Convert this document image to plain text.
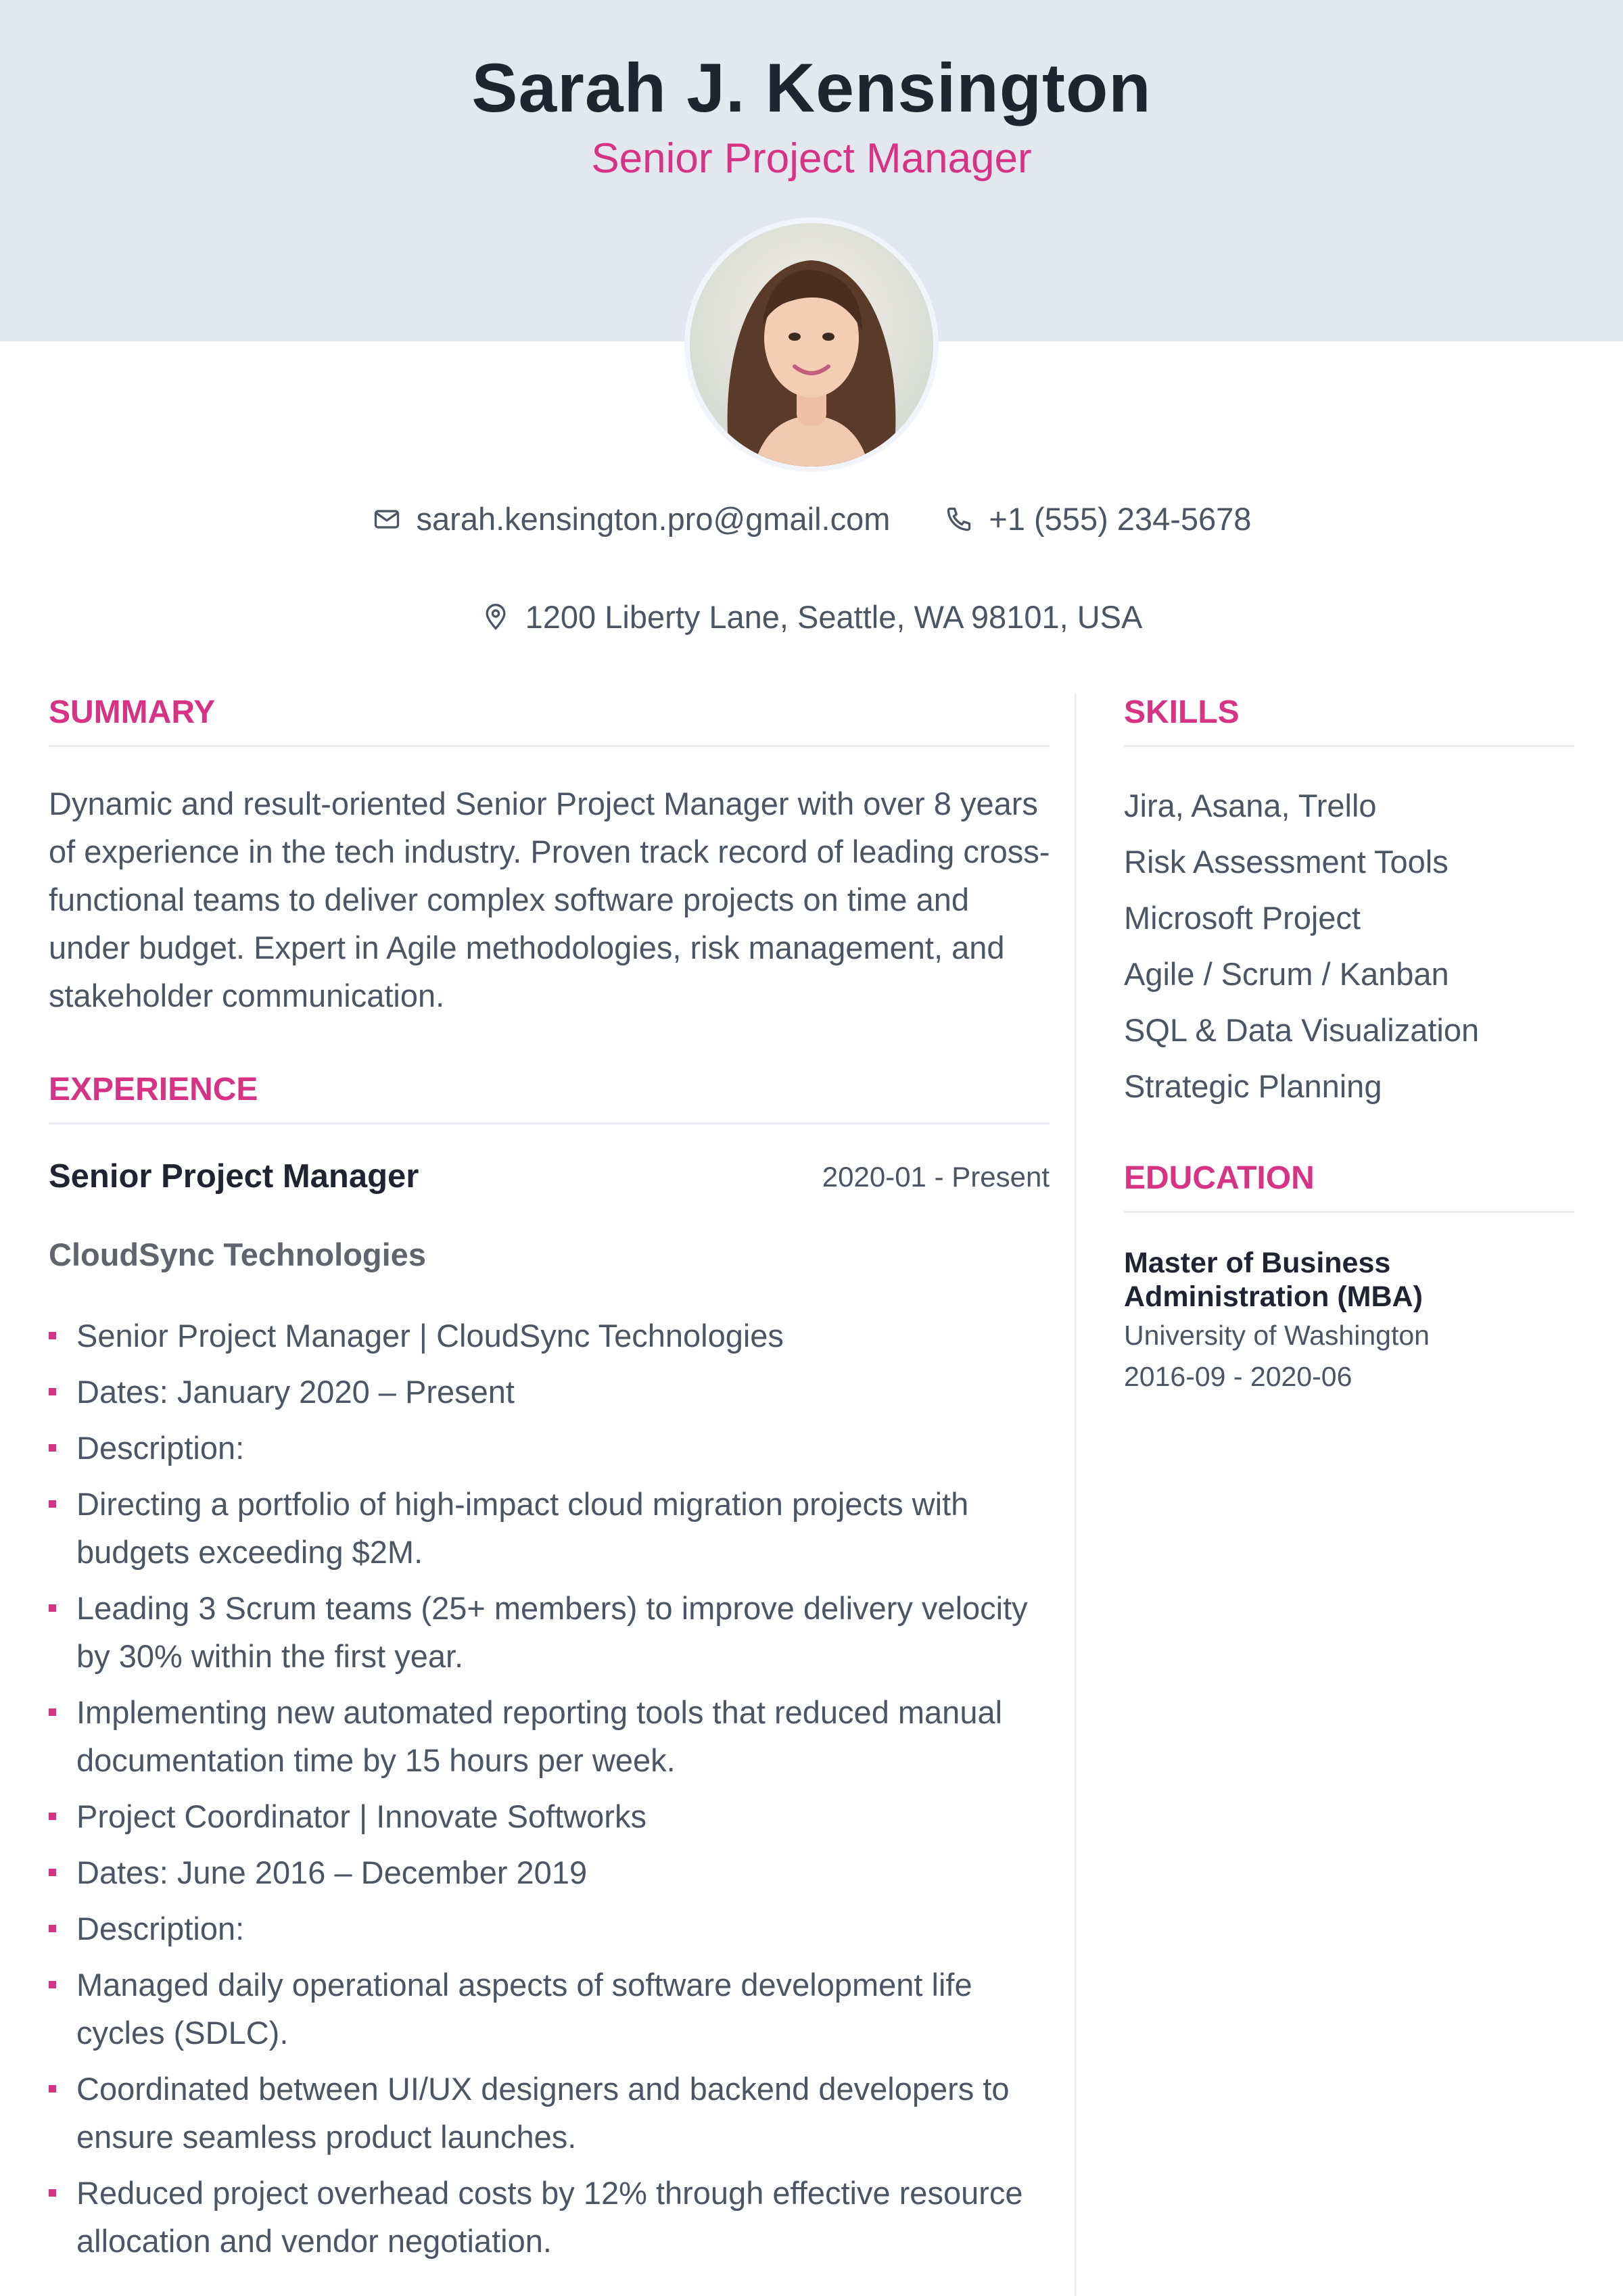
Sarah J. Kensington
Senior Project Manager
sarah.kensington.pro@gmail.com	+1 (555) 234-5678
1200 Liberty Lane, Seattle, WA 98101, USA
SUMMARY
Dynamic and result-oriented Senior Project Manager with over 8 years of experience in the tech industry. Proven track record of leading cross-functional teams to deliver complex software projects on time and under budget. Expert in Agile methodologies, risk management, and stakeholder communication.
EXPERIENCE
Senior Project Manager	2020-01 - Present
CloudSync Technologies
Senior Project Manager | CloudSync Technologies
Dates: January 2020 – Present
Description:
Directing a portfolio of high-impact cloud migration projects with budgets exceeding $2M.
Leading 3 Scrum teams (25+ members) to improve delivery velocity by 30% within the first year.
Implementing new automated reporting tools that reduced manual documentation time by 15 hours per week.
Project Coordinator | Innovate Softworks
Dates: June 2016 – December 2019
Description:
Managed daily operational aspects of software development life cycles (SDLC).
Coordinated between UI/UX designers and backend developers to ensure seamless product launches.
Reduced project overhead costs by 12% through effective resource allocation and vendor negotiation.
SKILLS
Jira, Asana, Trello
Risk Assessment Tools
Microsoft Project
Agile / Scrum / Kanban
SQL & Data Visualization
Strategic Planning
EDUCATION
Master of Business Administration (MBA)
University of Washington
2016-09 - 2020-06
